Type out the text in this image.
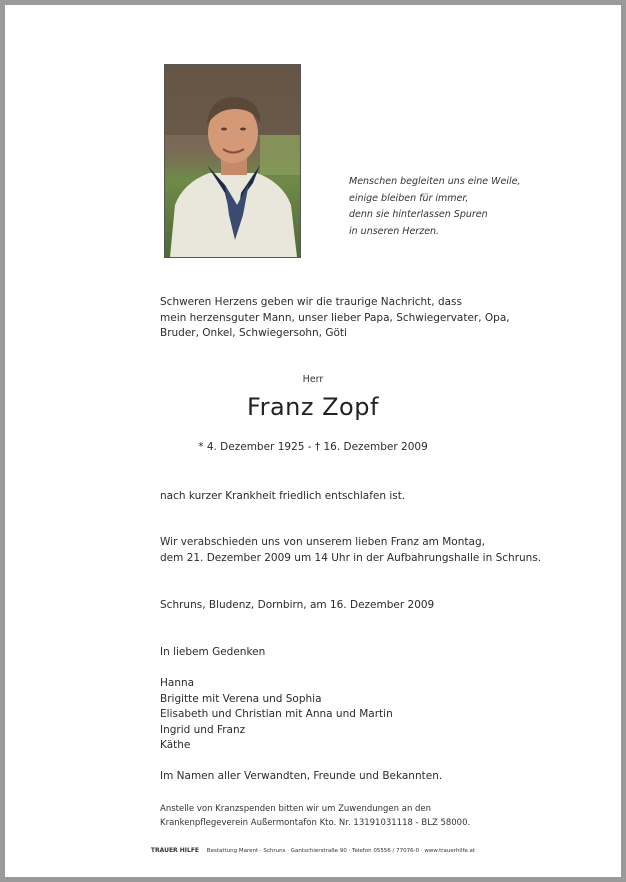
Menschen begleiten uns eine Weile,
einige bleiben für immer,
denn sie hinterlassen Spuren
in unseren Herzen.
Schweren Herzens geben wir die traurige Nachricht, dass
mein herzensguter Mann, unser lieber Papa, Schwiegervater, Opa,
Bruder, Onkel, Schwiegersohn, Göti
Herr
Franz Zopf
* 4. Dezember 1925 - † 16. Dezember 2009
nach kurzer Krankheit friedlich entschlafen ist.
Wir verabschieden uns von unserem lieben Franz am Montag,
dem 21. Dezember 2009 um 14 Uhr in der Aufbahrungshalle in Schruns.
Schruns, Bludenz, Dornbirn, am 16. Dezember 2009
In liebem Gedenken
Hanna
Brigitte mit Verena und Sophia
Elisabeth und Christian mit Anna und Martin
Ingrid und Franz
Käthe
Im Namen aller Verwandten, Freunde und Bekannten.
Anstelle von Kranzspenden bitten wir um Zuwendungen an den
Krankenpflegeverein Außermontafon Kto. Nr. 13191031118 - BLZ 58000.
TRAUER HILFE Bestattung Marent · Schruns · Gantschierstraße 90 · Telefon 05556 / 77076-0 · www.trauerhilfe.at
